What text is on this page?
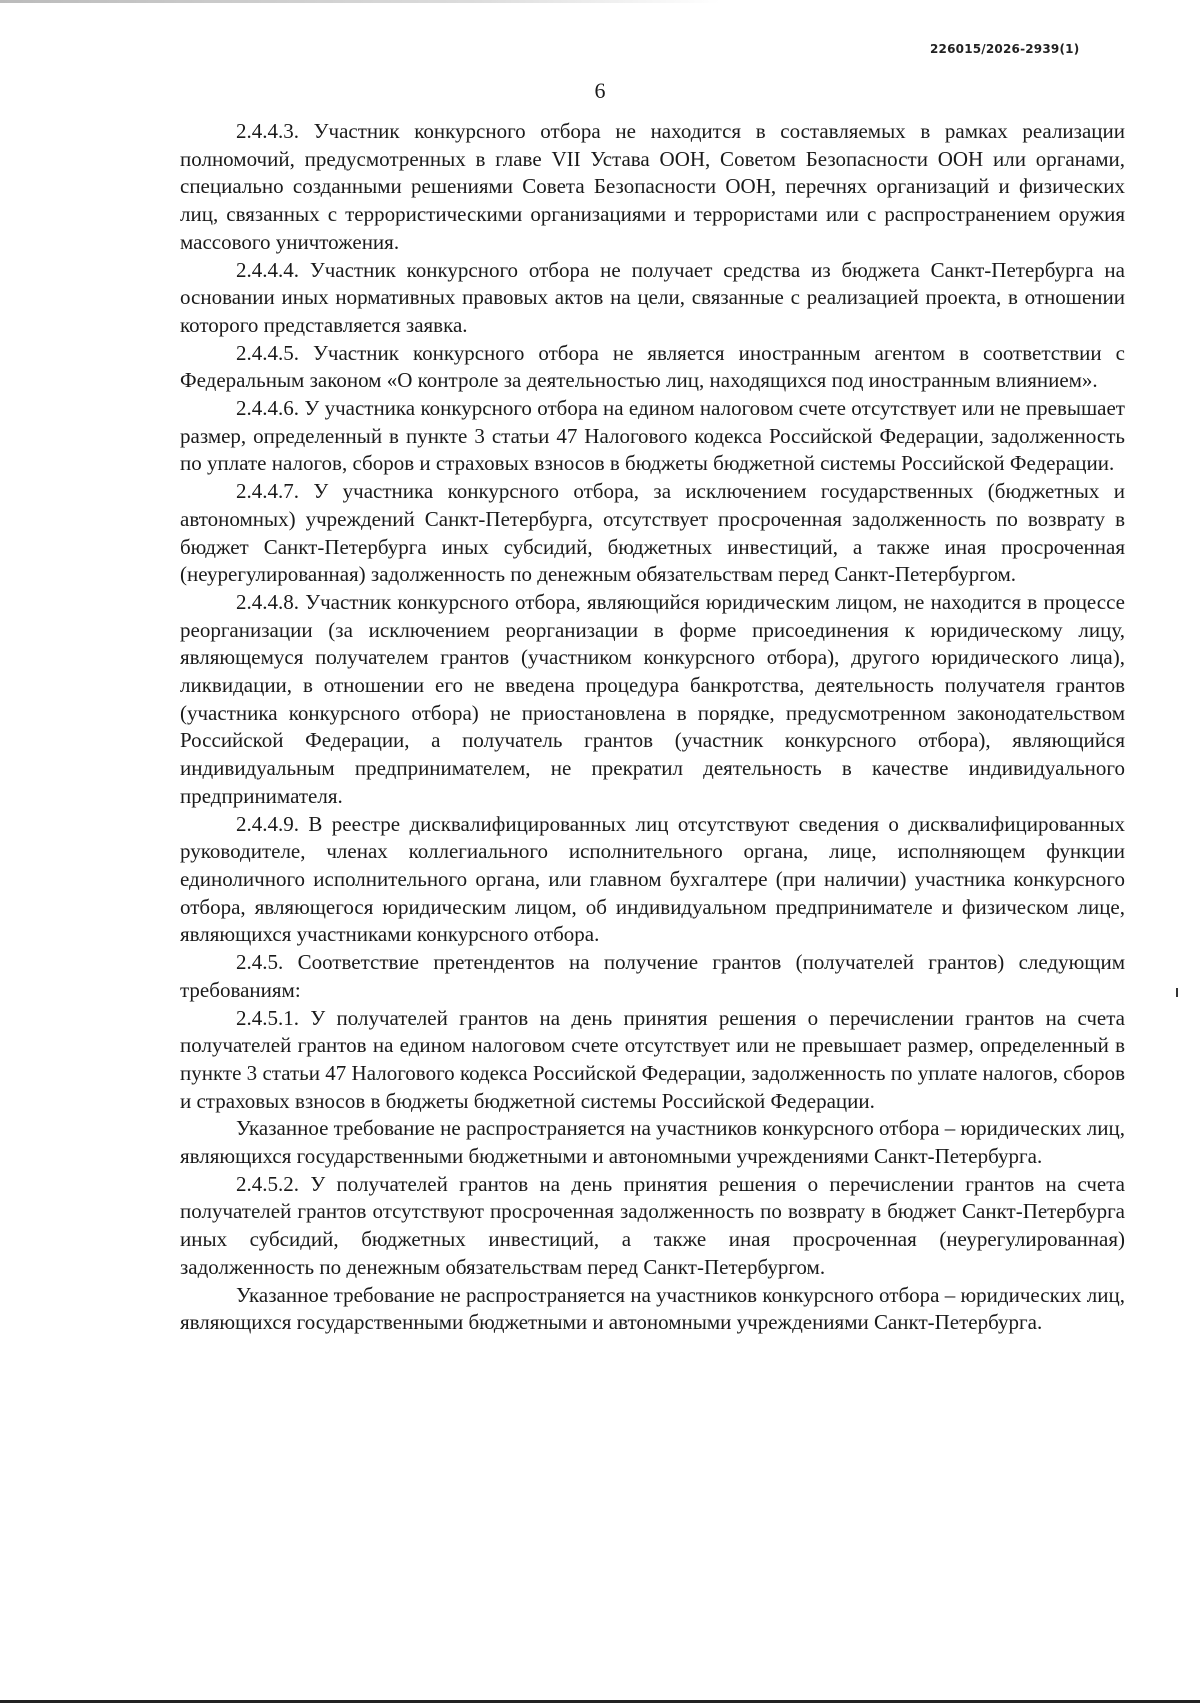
226015/2026-2939(1)
6

2.4.4.3. Участник конкурсного отбора не находится в составляемых в рамках реализации полномочий, предусмотренных в главе VII Устава ООН, Советом Безопасности ООН или органами, специально созданными решениями Совета Безопасности ООН, перечнях организаций и физических лиц, связанных с террористическими организациями и террористами или с распространением оружия массового уничтожения.

2.4.4.4. Участник конкурсного отбора не получает средства из бюджета Санкт-Петербурга на основании иных нормативных правовых актов на цели, связанные с реализацией проекта, в отношении которого представляется заявка.

2.4.4.5. Участник конкурсного отбора не является иностранным агентом в соответствии с Федеральным законом «О контроле за деятельностью лиц, находящихся под иностранным влиянием».

2.4.4.6. У участника конкурсного отбора на едином налоговом счете отсутствует или не превышает размер, определенный в пункте 3 статьи 47 Налогового кодекса Российской Федерации, задолженность по уплате налогов, сборов и страховых взносов в бюджеты бюджетной системы Российской Федерации.

2.4.4.7. У участника конкурсного отбора, за исключением государственных (бюджетных и автономных) учреждений Санкт-Петербурга, отсутствует просроченная задолженность по возврату в бюджет Санкт-Петербурга иных субсидий, бюджетных инвестиций, а также иная просроченная (неурегулированная) задолженность по денежным обязательствам перед Санкт-Петербургом.

2.4.4.8. Участник конкурсного отбора, являющийся юридическим лицом, не находится в процессе реорганизации (за исключением реорганизации в форме присоединения к юридическому лицу, являющемуся получателем грантов (участником конкурсного отбора), другого юридического лица), ликвидации, в отношении его не введена процедура банкротства, деятельность получателя грантов (участника конкурсного отбора) не приостановлена в порядке, предусмотренном законодательством Российской Федерации, а получатель грантов (участник конкурсного отбора), являющийся индивидуальным предпринимателем, не прекратил деятельность в качестве индивидуального предпринимателя.

2.4.4.9. В реестре дисквалифицированных лиц отсутствуют сведения о дисквалифицированных руководителе, членах коллегиального исполнительного органа, лице, исполняющем функции единоличного исполнительного органа, или главном бухгалтере (при наличии) участника конкурсного отбора, являющегося юридическим лицом, об индивидуальном предпринимателе и физическом лице, являющихся участниками конкурсного отбора.

2.4.5. Соответствие претендентов на получение грантов (получателей грантов) следующим требованиям:

2.4.5.1. У получателей грантов на день принятия решения о перечислении грантов на счета получателей грантов на едином налоговом счете отсутствует или не превышает размер, определенный в пункте 3 статьи 47 Налогового кодекса Российской Федерации, задолженность по уплате налогов, сборов и страховых взносов в бюджеты бюджетной системы Российской Федерации.

Указанное требование не распространяется на участников конкурсного отбора – юридических лиц, являющихся государственными бюджетными и автономными учреждениями Санкт-Петербурга.

2.4.5.2. У получателей грантов на день принятия решения о перечислении грантов на счета получателей грантов отсутствуют просроченная задолженность по возврату в бюджет Санкт-Петербурга иных субсидий, бюджетных инвестиций, а также иная просроченная (неурегулированная) задолженность по денежным обязательствам перед Санкт-Петербургом.

Указанное требование не распространяется на участников конкурсного отбора – юридических лиц, являющихся государственными бюджетными и автономными учреждениями Санкт-Петербурга.
